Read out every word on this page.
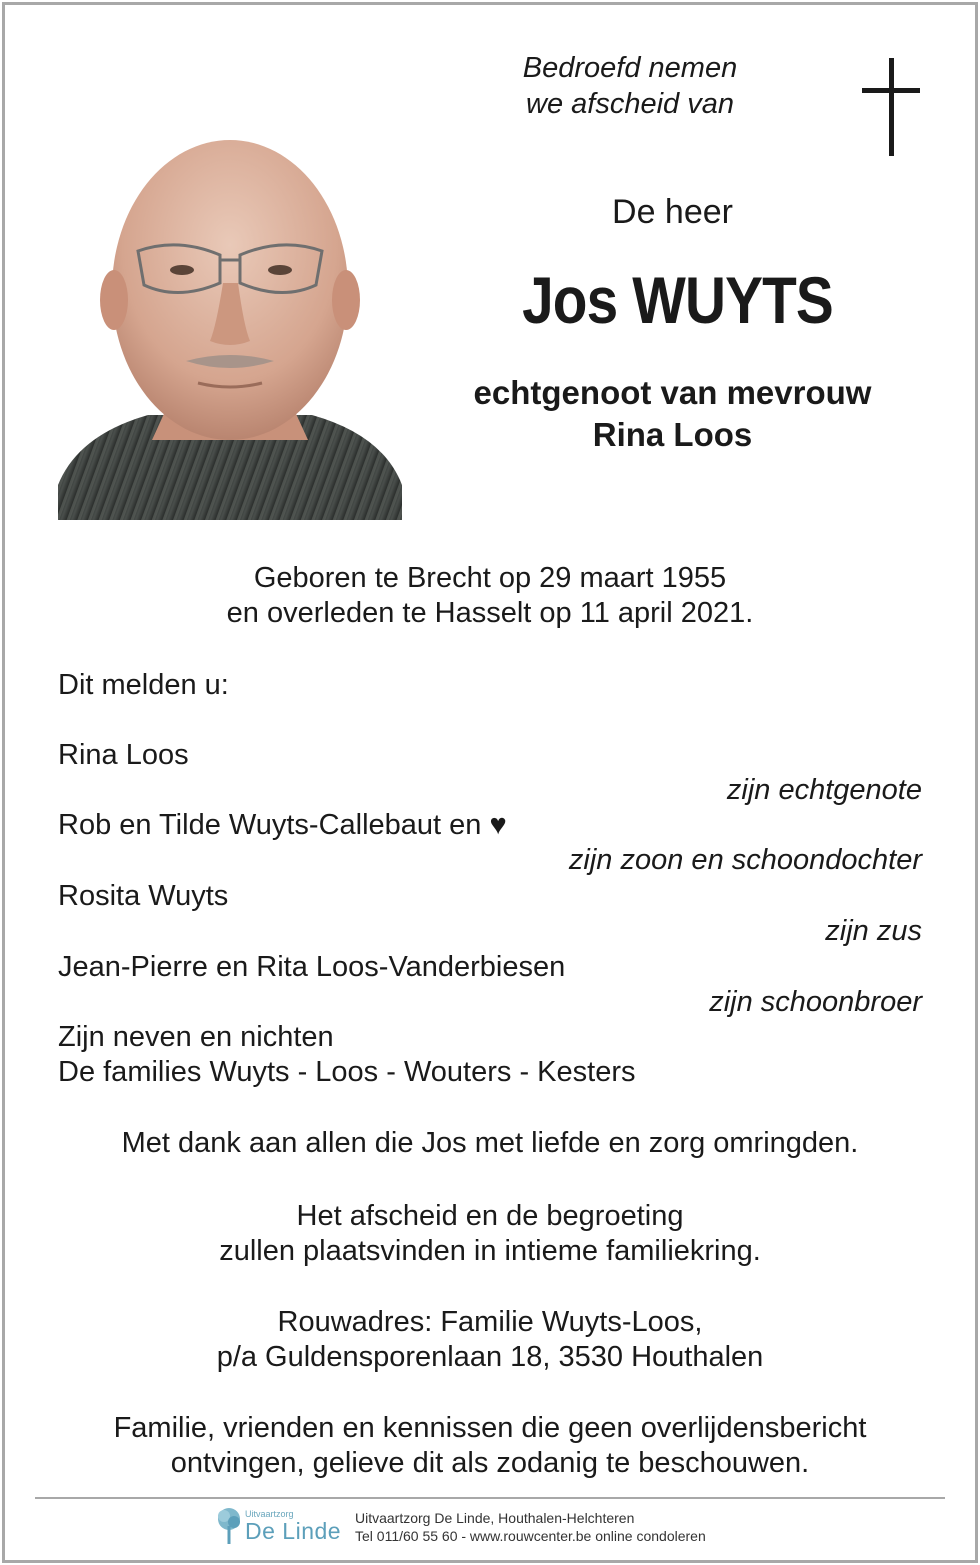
Bedroefd nemen
we afscheid van
De heer
Jos WUYTS
echtgenoot van mevrouw
Rina Loos
Geboren te Brecht op 29 maart 1955
en overleden te Hasselt op 11 april 2021.
Dit melden u:
Rina Loos
zijn echtgenote
Rob en Tilde Wuyts-Callebaut en ♥
zijn zoon en schoondochter
Rosita Wuyts
zijn zus
Jean-Pierre en Rita Loos-Vanderbiesen
zijn schoonbroer
Zijn neven en nichten
De families Wuyts - Loos - Wouters - Kesters
Met dank aan allen die Jos met liefde en zorg omringden.
Het afscheid en de begroeting
zullen plaatsvinden in intieme familiekring.
Rouwadres: Familie Wuyts-Loos,
p/a Guldensporenlaan 18, 3530 Houthalen
Familie, vrienden en kennissen die geen overlijdensbericht
ontvingen, gelieve dit als zodanig te beschouwen.
Uitvaartzorg
De Linde Uitvaartzorg De Linde, Houthalen-Helchteren
Tel 011/60 55 60 - www.rouwcenter.be online condoleren
